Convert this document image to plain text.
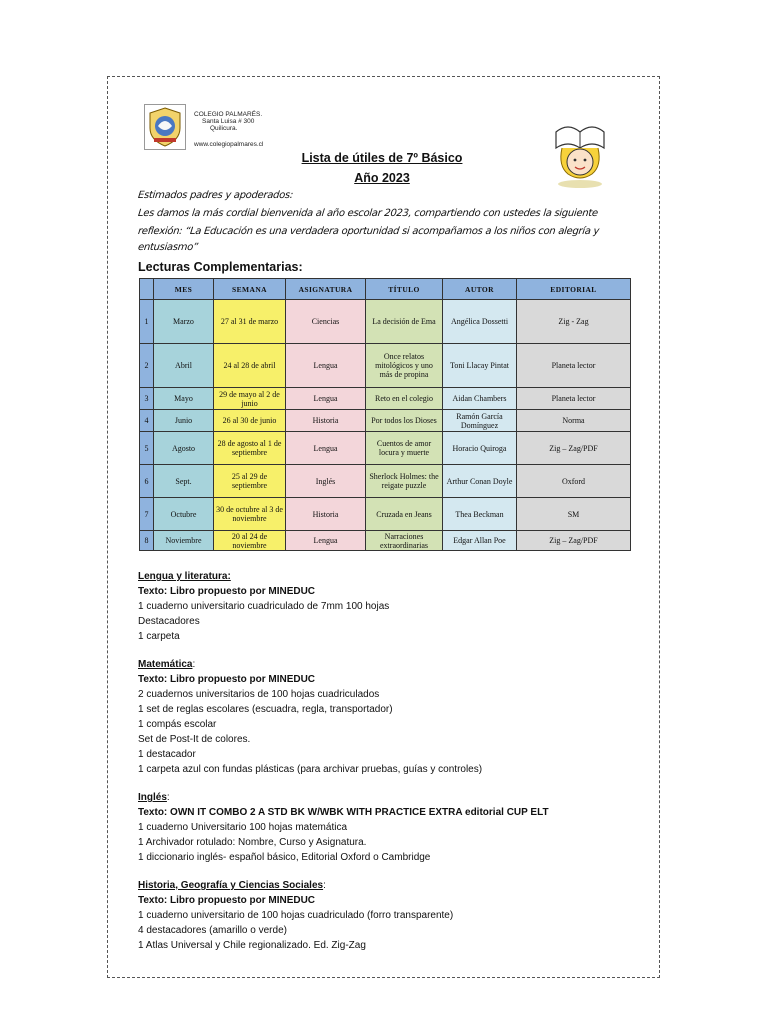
COLEGIO PALMARÉS.
Santa Luisa # 300
Quilicura.
www.colegiopalmares.cl
Lista de útiles de 7º Básico
Año 2023
Estimados padres y apoderados:
Les damos la más cordial bienvenida al año escolar 2023, compartiendo con ustedes la siguiente
reflexión: “La Educación es una verdadera oportunidad si acompañamos a los niños con alegría y
entusiasmo”
Lecturas Complementarias:
	MES	SEMANA	ASIGNATURA	TÍTULO	AUTOR	EDITORIAL
1	Marzo	27 al 31 de marzo	Ciencias	La decisión de Ema	Angélica Dossetti	Zig - Zag
2	Abril	24 al 28 de abril	Lengua	Once relatos mitológicos y uno más de propina	Toni Llacay Pintat	Planeta lector
3	Mayo	29 de mayo al 2 de junio	Lengua	Reto en el colegio	Aidan Chambers	Planeta lector
4	Junio	26 al 30 de junio	Historia	Por todos los Dioses	Ramón García Domínguez	Norma
5	Agosto	28 de agosto al 1 de septiembre	Lengua	Cuentos de amor locura y muerte	Horacio Quiroga	Zig – Zag/PDF
6	Sept.	25 al 29 de septiembre	Inglés	Sherlock Holmes: the reigate puzzle	Arthur Conan Doyle	Oxford
7	Octubre	30 de octubre al 3 de noviembre	Historia	Cruzada en Jeans	Thea Beckman	SM
8	Noviembre	20 al 24 de noviembre	Lengua	Narraciones extraordinarias	Edgar Allan Poe	Zig – Zag/PDF
Lengua y literatura:
Texto: Libro propuesto por MINEDUC
1 cuaderno universitario cuadriculado de 7mm 100 hojas
Destacadores
1 carpeta
Matemática:
Texto: Libro propuesto por MINEDUC
2 cuadernos universitarios de 100 hojas cuadriculados
1 set de reglas escolares (escuadra, regla, transportador)
1 compás escolar
Set de Post-It de colores.
1 destacador
1 carpeta azul con fundas plásticas (para archivar pruebas, guías y controles)
Inglés:
Texto: OWN IT COMBO 2 A STD BK W/WBK WITH PRACTICE EXTRA editorial CUP ELT
1 cuaderno Universitario 100 hojas matemática
1 Archivador rotulado: Nombre, Curso y Asignatura.
1 diccionario inglés- español básico, Editorial Oxford o Cambridge
Historia, Geografía y Ciencias Sociales:
Texto: Libro propuesto por MINEDUC
1 cuaderno universitario de 100 hojas cuadriculado (forro transparente)
4 destacadores (amarillo o verde)
1 Atlas Universal y Chile regionalizado. Ed. Zig-Zag
